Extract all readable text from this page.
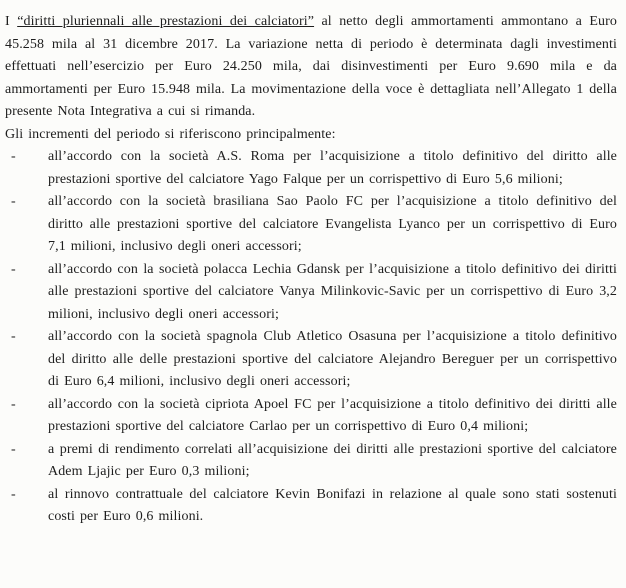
I “diritti pluriennali alle prestazioni dei calciatori” al netto degli ammortamenti ammontano a Euro 45.258 mila al 31 dicembre 2017. La variazione netta di periodo è determinata dagli investimenti effettuati nell’esercizio per Euro 24.250 mila, dai disinvestimenti per Euro 9.690 mila e da ammortamenti per Euro 15.948 mila. La movimentazione della voce è dettagliata nell’Allegato 1 della presente Nota Integrativa a cui si rimanda.

Gli incrementi del periodo si riferiscono principalmente:

- all’accordo con la società A.S. Roma per l’acquisizione a titolo definitivo del diritto alle prestazioni sportive del calciatore Yago Falque per un corrispettivo di Euro 5,6 milioni;
- all’accordo con la società brasiliana Sao Paolo FC per l’acquisizione a titolo definitivo del diritto alle prestazioni sportive del calciatore Evangelista Lyanco per un corrispettivo di Euro 7,1 milioni, inclusivo degli oneri accessori;
- all’accordo con la società polacca Lechia Gdansk per l’acquisizione a titolo definitivo dei diritti alle prestazioni sportive del calciatore Vanya Milinkovic-Savic per un corrispettivo di Euro 3,2 milioni, inclusivo degli oneri accessori;
- all’accordo con la società spagnola Club Atletico Osasuna per l’acquisizione a titolo definitivo del diritto alle delle prestazioni sportive del calciatore Alejandro Bereguer per un corrispettivo di Euro 6,4 milioni, inclusivo degli oneri accessori;
- all’accordo con la società cipriota Apoel FC per l’acquisizione a titolo definitivo dei diritti alle prestazioni sportive del calciatore Carlao per un corrispettivo di Euro 0,4 milioni;
- a premi di rendimento correlati all’acquisizione dei diritti alle prestazioni sportive del calciatore Adem Ljajic per Euro 0,3 milioni;
- al rinnovo contrattuale del calciatore Kevin Bonifazi in relazione al quale sono stati sostenuti costi per Euro 0,6 milioni.
